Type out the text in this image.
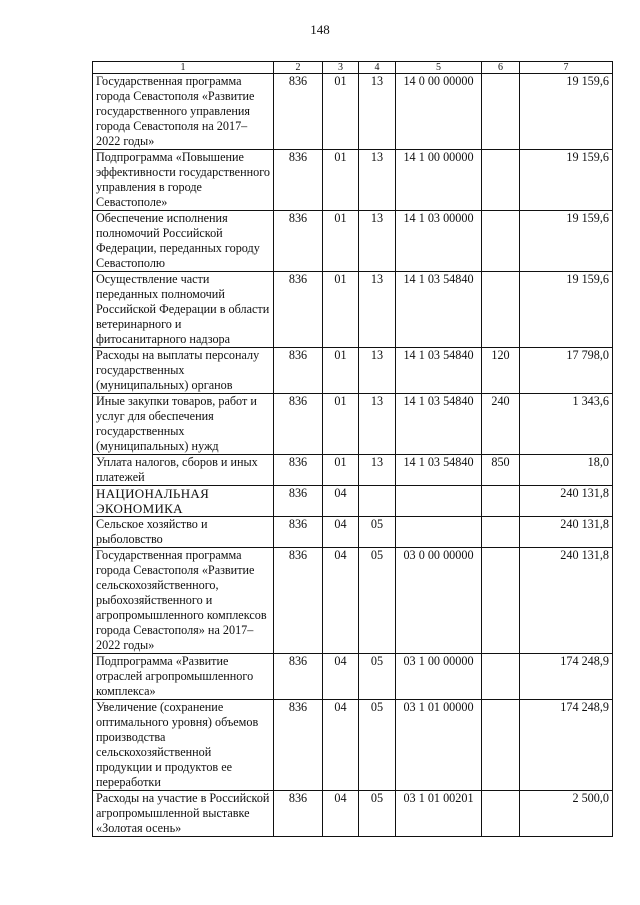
148
1	2	3	4	5	6	7
Государственная программа города Севастополя «Развитие государственного управления города Севастополя на 2017–2022 годы»	836	01	13	14 0 00 00000		19 159,6
Подпрограмма «Повышение эффективности государственного управления в городе Севастополе»	836	01	13	14 1 00 00000		19 159,6
Обеспечение исполнения полномочий Российской Федерации, переданных городу Севастополю	836	01	13	14 1 03 00000		19 159,6
Осуществление части переданных полномочий Российской Федерации в области ветеринарного и фитосанитарного надзора	836	01	13	14 1 03 54840		19 159,6
Расходы на выплаты персоналу государственных (муниципальных) органов	836	01	13	14 1 03 54840	120	17 798,0
Иные закупки товаров, работ и услуг для обеспечения государственных (муниципальных) нужд	836	01	13	14 1 03 54840	240	1 343,6
Уплата налогов, сборов и иных платежей	836	01	13	14 1 03 54840	850	18,0
НАЦИОНАЛЬНАЯ ЭКОНОМИКА	836	04				240 131,8
Сельское хозяйство и рыболовство	836	04	05			240 131,8
Государственная программа города Севастополя «Развитие сельскохозяйственного, рыбохозяйственного и агропромышленного комплексов города Севастополя» на 2017–2022 годы»	836	04	05	03 0 00 00000		240 131,8
Подпрограмма «Развитие отраслей агропромышленного комплекса»	836	04	05	03 1 00 00000		174 248,9
Увеличение (сохранение оптимального уровня) объемов производства сельскохозяйственной продукции и продуктов ее переработки	836	04	05	03 1 01 00000		174 248,9
Расходы на участие в Российской агропромышленной выставке «Золотая осень»	836	04	05	03 1 01 00201		2 500,0
